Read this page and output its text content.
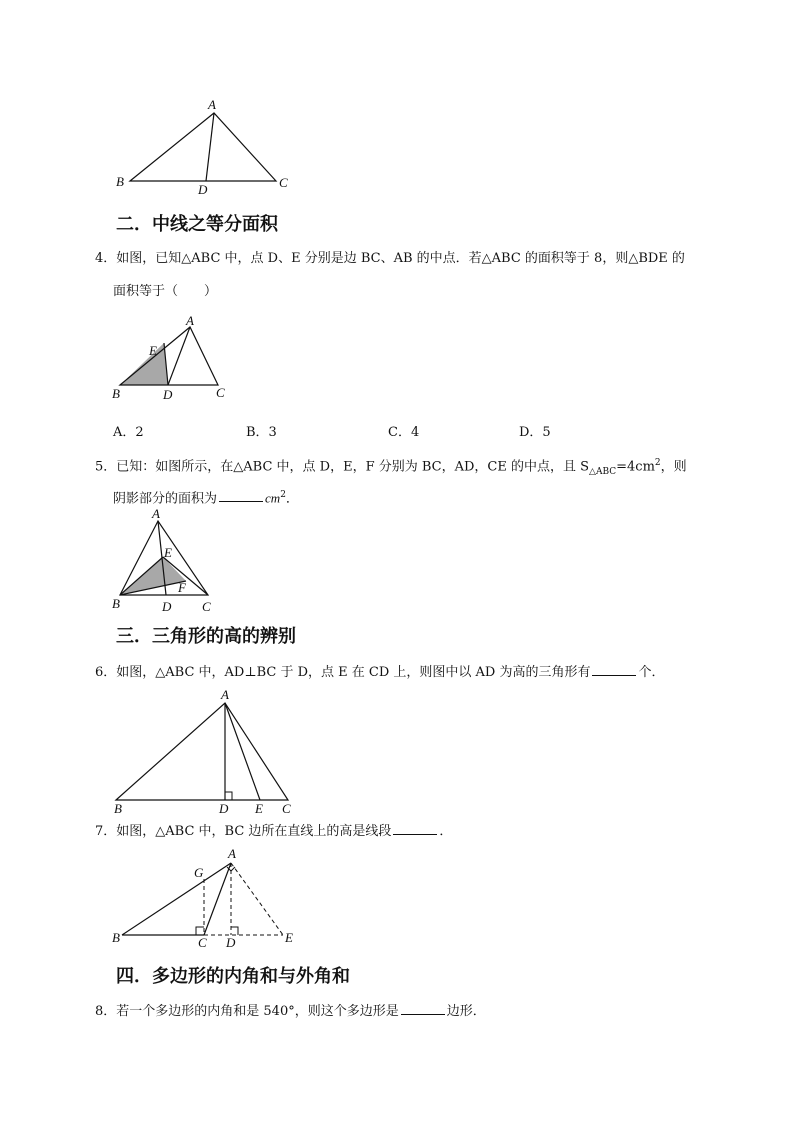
A
B	C
D
二．中线之等分面积
4．如图，已知△ABC 中，点 D、E 分别是边 BC、AB 的中点．若△ABC 的面积等于 8，则△BDE 的
面积等于（　　）
A
E
B	D	C
A．2	B．3	C．4	D．5
5．已知：如图所示，在△ABC 中，点 D，E，F 分别为 BC，AD，CE 的中点，且 $S_{\triangle ABC}=4cm^2$，则
阴影部分的面积为	$cm^2$．
A
E
F
B	D C
三．三角形的高的辨别
6．如图，△ABC 中，AD⊥BC 于 D，点 E 在 CD 上，则图中以 AD 为高的三角形有	个．
A
B	D E C
7．如图，△ABC 中，BC 边所在直线上的高是线段	．
A
G
B	C D	E
四．多边形的内角和与外角和
8．若一个多边形的内角和是 540°，则这个多边形是	边形．
